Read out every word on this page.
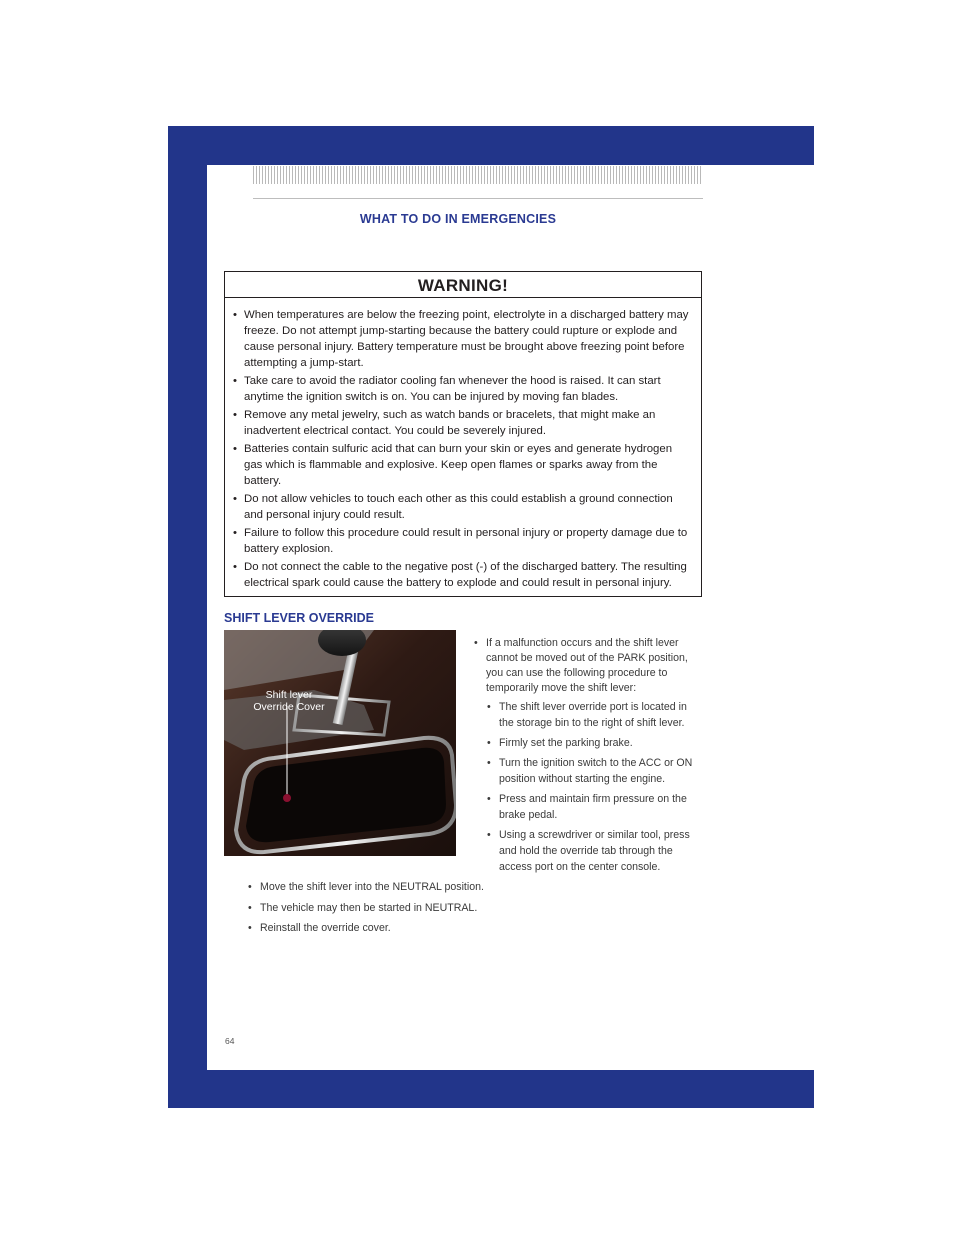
WHAT TO DO IN EMERGENCIES
WARNING!
• When temperatures are below the freezing point, electrolyte in a discharged battery may freeze. Do not attempt jump-starting because the battery could rupture or explode and cause personal injury. Battery temperature must be brought above freezing point before attempting a jump-start.
• Take care to avoid the radiator cooling fan whenever the hood is raised. It can start anytime the ignition switch is on. You can be injured by moving fan blades.
• Remove any metal jewelry, such as watch bands or bracelets, that might make an inadvertent electrical contact. You could be severely injured.
• Batteries contain sulfuric acid that can burn your skin or eyes and generate hydrogen gas which is flammable and explosive. Keep open flames or sparks away from the battery.
• Do not allow vehicles to touch each other as this could establish a ground connection and personal injury could result.
• Failure to follow this procedure could result in personal injury or property damage due to battery explosion.
• Do not connect the cable to the negative post (-) of the discharged battery. The resulting electrical spark could cause the battery to explode and could result in personal injury.
SHIFT LEVER OVERRIDE
Shift lever
Override Cover
• If a malfunction occurs and the shift lever cannot be moved out of the PARK position, you can use the following procedure to temporarily move the shift lever:
• The shift lever override port is located in the storage bin to the right of shift lever.
• Firmly set the parking brake.
• Turn the ignition switch to the ACC or ON position without starting the engine.
• Press and maintain firm pressure on the brake pedal.
• Using a screwdriver or similar tool, press and hold the override tab through the access port on the center console.
• Move the shift lever into the NEUTRAL position.
• The vehicle may then be started in NEUTRAL.
• Reinstall the override cover.
64
